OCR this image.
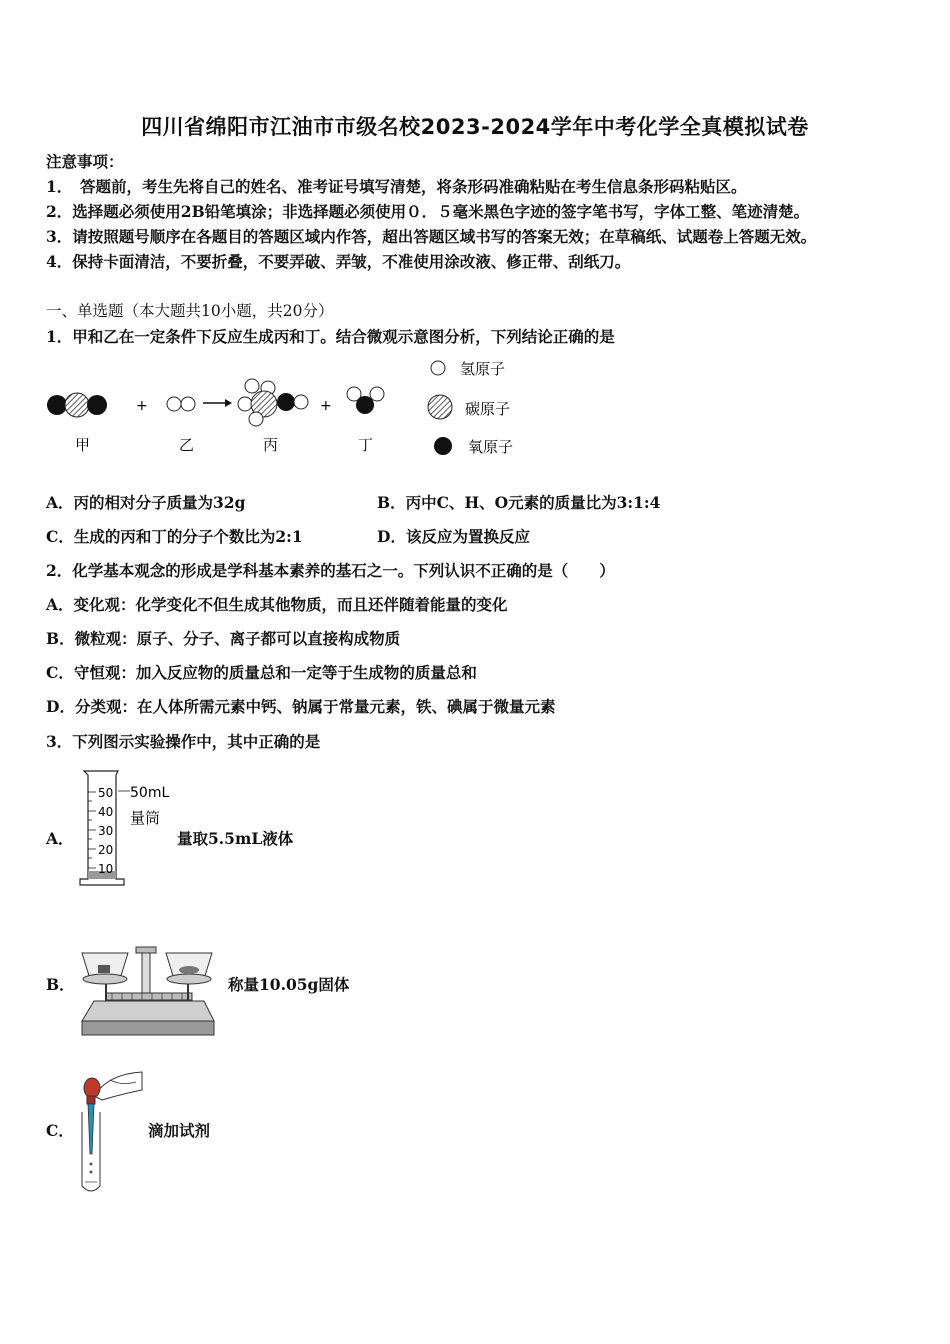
四川省绵阳市江油市市级名校2023-2024学年中考化学全真模拟试卷
注意事项：
1．　答题前，考生先将自己的姓名、准考证号填写清楚，将条形码准确粘贴在考生信息条形码粘贴区。
2．选择题必须使用2B铅笔填涂；非选择题必须使用０．５毫米黑色字迹的签字笔书写，字体工整、笔迹清楚。
3．请按照题号顺序在各题目的答题区域内作答，超出答题区域书写的答案无效；在草稿纸、试题卷上答题无效。
4．保持卡面清洁，不要折叠，不要弄破、弄皱，不准使用涂改液、修正带、刮纸刀。
一、单选题（本大题共10小题，共20分）
1．甲和乙在一定条件下反应生成丙和丁。结合微观示意图分析，下列结论正确的是
+	+
甲	乙	丙	丁
氢原子
碳原子
氧原子
A．丙的相对分子质量为32g	B．丙中C、H、O元素的质量比为3:1:4
C．生成的丙和丁的分子个数比为2:1	D．该反应为置换反应
2．化学基本观念的形成是学科基本素养的基石之一。下列认识不正确的是（　　）
A．变化观：化学变化不但生成其他物质，而且还伴随着能量的变化
B．微粒观：原子、分子、离子都可以直接构成物质
C．守恒观：加入反应物的质量总和一定等于生成物的质量总和
D．分类观：在人体所需元素中钙、钠属于常量元素，铁、碘属于微量元素
3．下列图示实验操作中，其中正确的是
A．
50
40
30
20
10
50mL
量筒
量取5.5mL液体
B．	称量10.05g固体
C．	滴加试剂
